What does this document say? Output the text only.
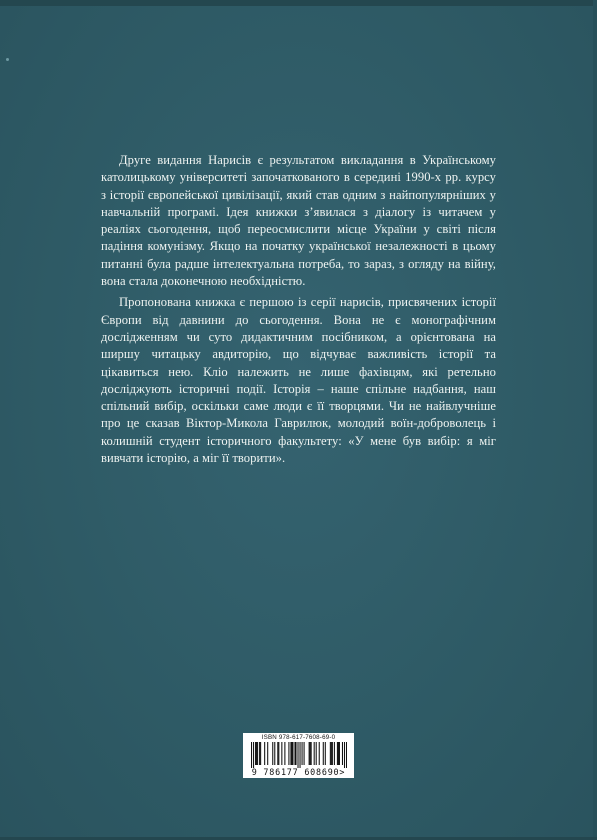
Друге видання Нарисів є результатом викладання в Українському католицькому університеті започаткованого в середині 1990-х рр. курсу з історії європейської цивілізації, який став одним з найпопулярніших у навчальній програмі. Ідея книжки з’явилася з діалогу із читачем у реаліях сьогодення, щоб переосмислити місце України у світі після падіння комунізму. Якщо на початку української незалежності в цьому питанні була радше інтелектуальна потреба, то зараз, з огляду на війну, вона стала доконечною необхідністю.

Пропонована книжка є першою із серії нарисів, присвячених історії Європи від давнини до сьогодення. Вона не є монографічним дослідженням чи суто дидактичним посібником, а орієнтована на ширшу читацьку авдиторію, що відчуває важливість історії та цікавиться нею. Кліо належить не лише фахівцям, які ретельно досліджують історичні події. Історія – наше спільне надбання, наш спільний вибір, оскільки саме люди є її творцями. Чи не найвлучніше про це сказав Віктор-Микола Гаврилюк, молодий воїн-доброволець і колишній студент історичного факультету: «У мене був вибір: я міг вивчати історію, а міг її творити».

ISBN 978-617-7608-69-0
9 786177 608690>
